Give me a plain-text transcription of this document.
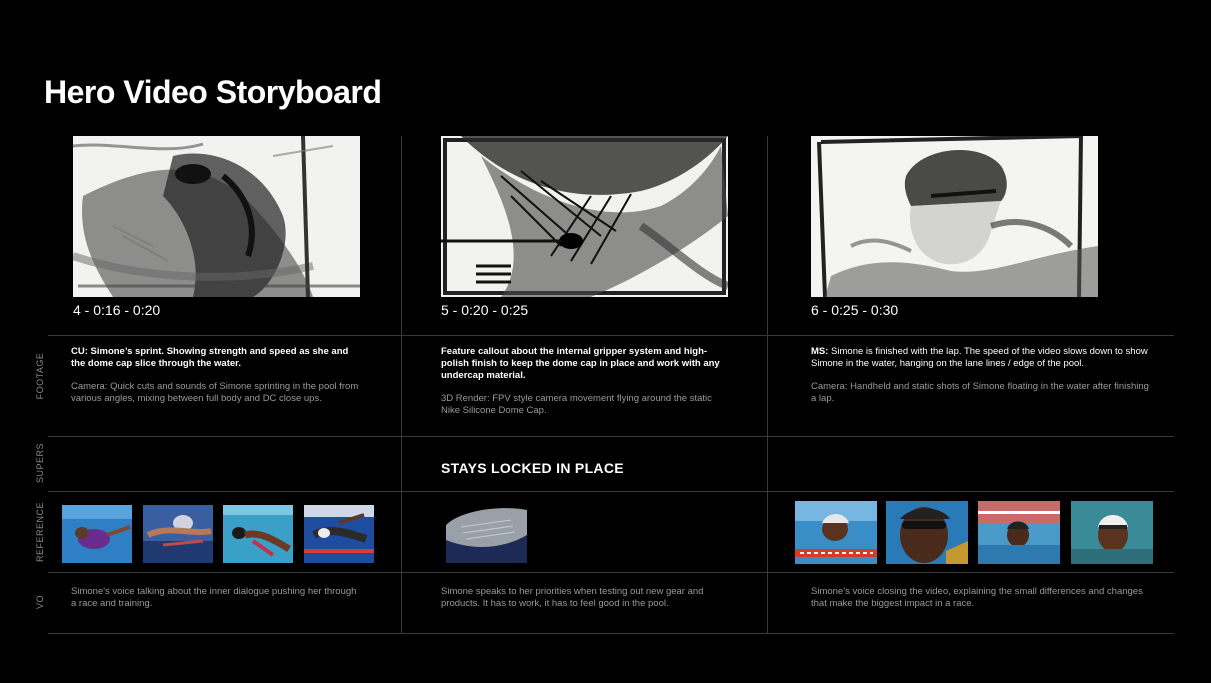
Hero Video Storyboard
FOOTAGE
SUPERS
REFERENCE
VO
4 - 0:16 - 0:20	5 - 0:20 - 0:25	6 - 0:25 - 0:30
CU: Simone’s sprint. Showing strength and speed as she and the dome cap slice through the water.
Camera: Quick cuts and sounds of Simone sprinting in the pool from various angles, mixing between full body and DC close ups.
Feature callout about the internal gripper system and high-polish finish to keep the dome cap in place and work with any undercap material.
3D Render: FPV style camera movement flying around the static Nike Silicone Dome Cap.
MS: Simone is finished with the lap. The speed of the video slows down to show Simone in the water, hanging on the lane lines / edge of the pool.
Camera: Handheld and static shots of Simone floating in the water after finishing a lap.
STAYS LOCKED IN PLACE
Simone's voice talking about the inner dialogue pushing her through a race and training.
Simone speaks to her priorities when testing out new gear and products. It has to work, it has to feel good in the pool.
Simone’s voice closing the video, explaining the small differences and changes that make the biggest impact in a race.
